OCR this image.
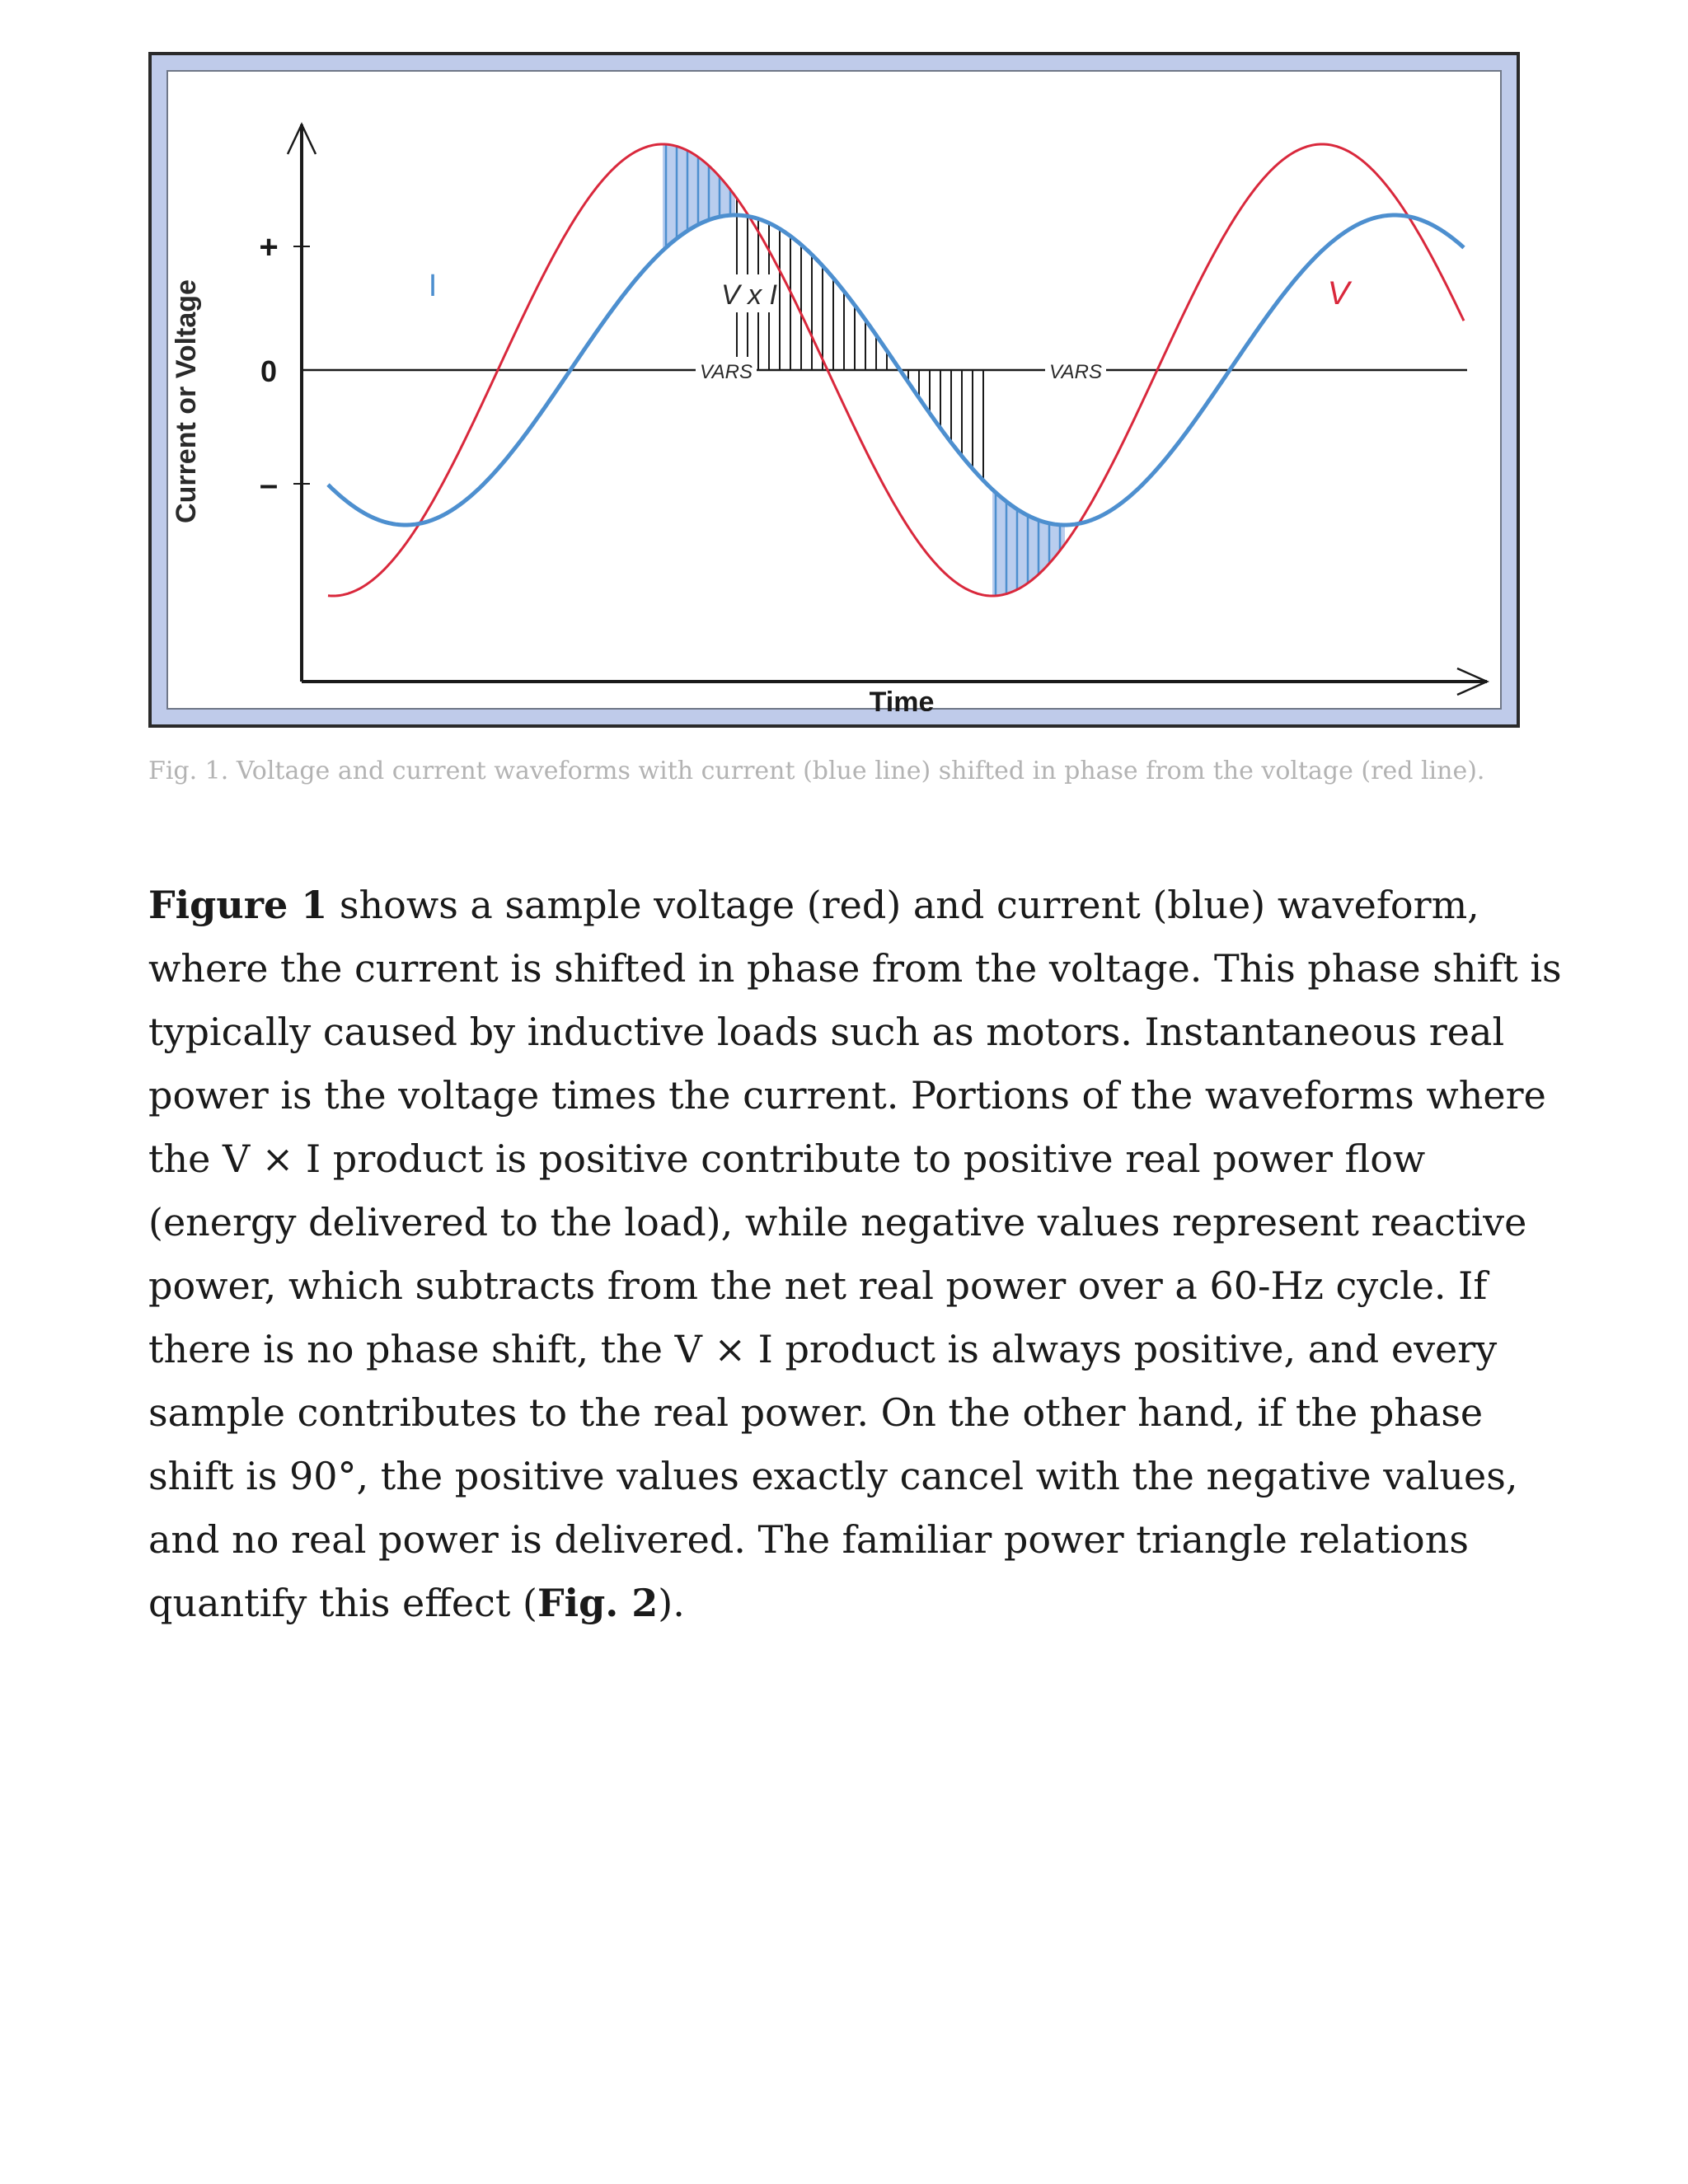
Current or Voltage
+
0
–
Time
I	V
V x I
VARS	VARS
Fig. 1. Voltage and current waveforms with current (blue line) shifted in phase from the voltage (red line).

Figure 1 shows a sample voltage (red) and current (blue) waveform, where the current is shifted in phase from the voltage. This phase shift is typically caused by inductive loads such as motors. Instantaneous real power is the voltage times the current. Portions of the waveforms where the V × I product is positive contribute to positive real power flow (energy delivered to the load), while negative values represent reactive power, which subtracts from the net real power over a 60-Hz cycle. If there is no phase shift, the V × I product is always positive, and every sample contributes to the real power. On the other hand, if the phase shift is 90°, the positive values exactly cancel with the negative values, and no real power is delivered. The familiar power triangle relations quantify this effect (Fig. 2).
